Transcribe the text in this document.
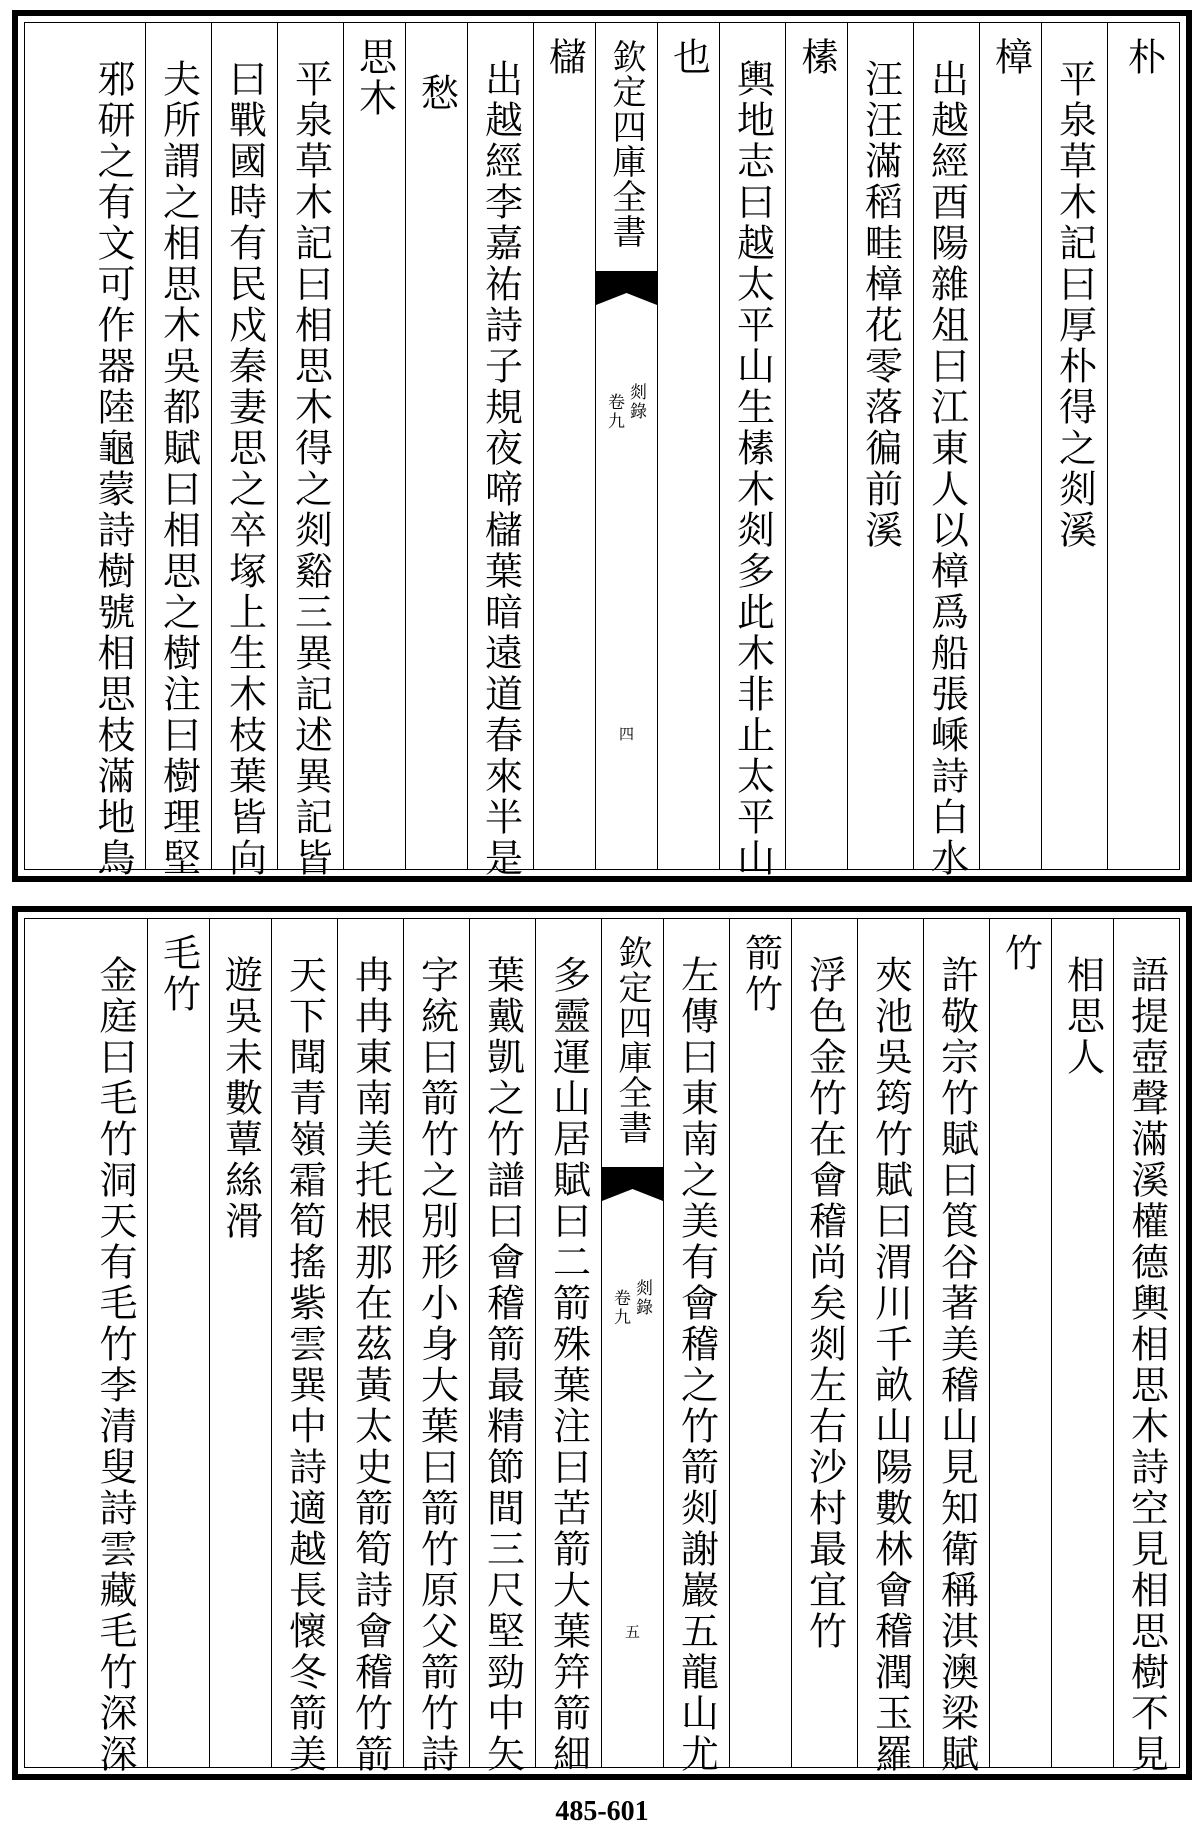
朴
平泉草木記曰厚朴得之剡溪
樟
出越經酉陽雜俎曰江東人以樟爲船張嵊詩白水
汪汪滿稻畦樟花零落徧前溪
榡
輿地志曰越太平山生榡木剡多此木非止太平山
也
欽定四庫全書
剡錄
卷九
四
櫧
出越經李嘉祐詩子規夜啼櫧葉暗遠道春來半是
愁
思木
平泉草木記曰相思木得之剡谿三異記述異記皆
曰戰國時有民戍秦妻思之卒塚上生木枝葉皆向
夫所謂之相思木吳都賦曰相思之樹注曰樹理堅
邪研之有文可作器陸龜蒙詩樹號相思枝滿地鳥
語提壺聲滿溪權德輿相思木詩空見相思樹不見
相思人
竹
許敬宗竹賦曰筤谷著美稽山見知衛稱淇澳梁賦
夾池吳筠竹賦曰渭川千畝山陽數林會稽潤玉羅
浮色金竹在會稽尚矣剡左右沙村最宜竹
箭竹
左傳曰東南之美有會稽之竹箭剡謝巖五龍山尤
欽定四庫全書
剡錄
卷九
五
多靈運山居賦曰二箭殊葉注曰苦箭大葉筓箭細
葉戴凱之竹譜曰會稽箭最精節間三尺堅勁中矢
字統曰箭竹之別形小身大葉曰箭竹原父箭竹詩
冉冉東南美托根那在茲黃太史箭筍詩會稽竹箭
天下聞青嶺霜筍搖紫雲巽中詩適越長懷冬箭美
遊吳未數蕈絲滑
毛竹
金庭曰毛竹洞天有毛竹李清叟詩雲藏毛竹深深
485-601
